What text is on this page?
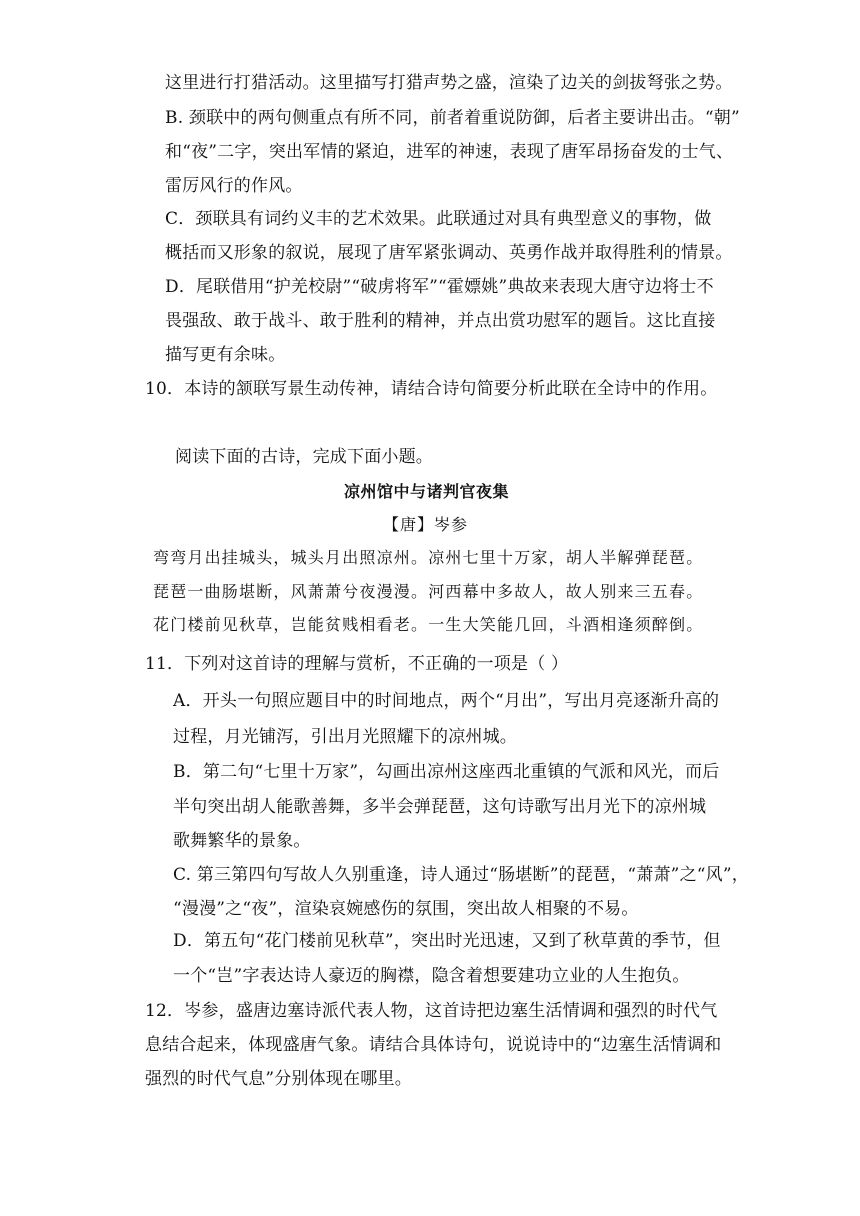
这里进行打猎活动。这里描写打猎声势之盛，渲染了边关的剑拔弩张之势。
B. 颈联中的两句侧重点有所不同，前者着重说防御，后者主要讲出击。“朝”
和“夜”二字，突出军情的紧迫，进军的神速，表现了唐军昂扬奋发的士气、
雷厉风行的作风。
C．颈联具有词约义丰的艺术效果。此联通过对具有典型意义的事物，做
概括而又形象的叙说，展现了唐军紧张调动、英勇作战并取得胜利的情景。
D．尾联借用“护羌校尉”“破虏将军”“霍嫖姚”典故来表现大唐守边将士不
畏强敌、敢于战斗、敢于胜利的精神，并点出赏功慰军的题旨。这比直接
描写更有余味。
10．本诗的颔联写景生动传神，请结合诗句简要分析此联在全诗中的作用。
阅读下面的古诗，完成下面小题。
凉州馆中与诸判官夜集
【唐】岑参
弯弯月出挂城头，城头月出照凉州。凉州七里十万家，胡人半解弹琵琶。
琵琶一曲肠堪断，风萧萧兮夜漫漫。河西幕中多故人，故人别来三五春。
花门楼前见秋草，岂能贫贱相看老。一生大笑能几回，斗酒相逢须醉倒。
11．下列对这首诗的理解与赏析，不正确的一项是（ ）
A．开头一句照应题目中的时间地点，两个“月出”，写出月亮逐渐升高的
过程，月光铺泻，引出月光照耀下的凉州城。
B．第二句“七里十万家”，勾画出凉州这座西北重镇的气派和风光，而后
半句突出胡人能歌善舞，多半会弹琵琶，这句诗歌写出月光下的凉州城
歌舞繁华的景象。
C. 第三第四句写故人久别重逢，诗人通过“肠堪断”的琵琶，“萧萧”之“风”，
“漫漫”之“夜”，渲染哀婉感伤的氛围，突出故人相聚的不易。
D．第五句“花门楼前见秋草”，突出时光迅速，又到了秋草黄的季节，但
一个“岂”字表达诗人豪迈的胸襟，隐含着想要建功立业的人生抱负。
12．岑参，盛唐边塞诗派代表人物，这首诗把边塞生活情调和强烈的时代气
息结合起来，体现盛唐气象。请结合具体诗句，说说诗中的“边塞生活情调和
强烈的时代气息”分别体现在哪里。
